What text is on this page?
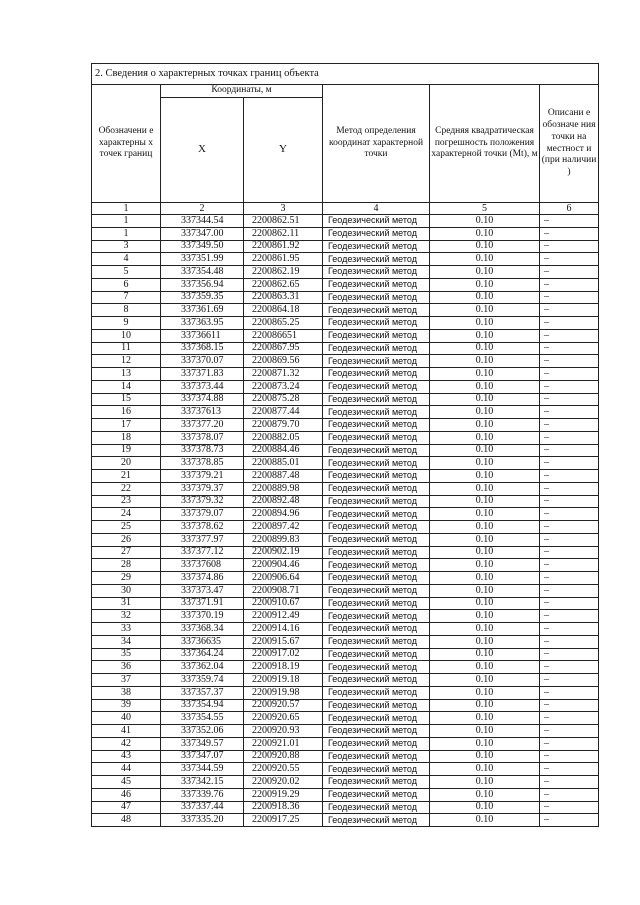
2. Сведения о характерных точках границ объекта					
Обозначени е характерны х точек границ	Координаты, м		Метод определения координат характерной точки	Средняя квадратическая погрешность положения характерной точки (Mt), м	Описани е обозначе ния точки на местност и (при наличии )
	X	Y			
1	2	3	4	5	6
1	337344.54	2200862.51	Геодезический метод	0.10	–
1	337347.00	2200862.11	Геодезический метод	0.10	–
3	337349.50	2200861.92	Геодезический метод	0.10	–
4	337351.99	2200861.95	Геодезический метод	0.10	–
5	337354.48	2200862.19	Геодезический метод	0.10	–
6	337356.94	2200862.65	Геодезический метод	0.10	–
7	337359.35	2200863.31	Геодезический метод	0.10	–
8	337361.69	2200864.18	Геодезический метод	0.10	–
9	337363.95	2200865.25	Геодезический метод	0.10	–
10	33736611	220086651	Геодезический метод	0.10	–
11	337368.15	2200867.95	Геодезический метод	0.10	–
12	337370.07	2200869.56	Геодезический метод	0.10	–
13	337371.83	2200871.32	Геодезический метод	0.10	–
14	337373.44	2200873.24	Геодезический метод	0.10	–
15	337374.88	2200875.28	Геодезический метод	0.10	–
16	33737613	2200877.44	Геодезический метод	0.10	–
17	337377.20	2200879.70	Геодезический метод	0.10	–
18	337378.07	2200882.05	Геодезический метод	0.10	–
19	337378.73	2200884.46	Геодезический метод	0.10	–
20	337378.85	2200885.01	Геодезический метод	0.10	–
21	337379.21	2200887.48	Геодезический метод	0.10	–
22	337379.37	2200889.98	Геодезический метод	0.10	–
23	337379.32	2200892.48	Геодезический метод	0.10	–
24	337379.07	2200894.96	Геодезический метод	0.10	–
25	337378.62	2200897.42	Геодезический метод	0.10	–
26	337377.97	2200899.83	Геодезический метод	0.10	–
27	337377.12	2200902.19	Геодезический метод	0.10	–
28	33737608	2200904.46	Геодезический метод	0.10	–
29	337374.86	2200906.64	Геодезический метод	0.10	–
30	337373.47	2200908.71	Геодезический метод	0.10	–
31	337371.91	2200910.67	Геодезический метод	0.10	–
32	337370.19	2200912.49	Геодезический метод	0.10	–
33	337368.34	2200914.16	Геодезический метод	0.10	–
34	33736635	2200915.67	Геодезический метод	0.10	–
35	337364.24	2200917.02	Геодезический метод	0.10	–
36	337362.04	2200918.19	Геодезический метод	0.10	–
37	337359.74	2200919.18	Геодезический метод	0.10	–
38	337357.37	2200919.98	Геодезический метод	0.10	–
39	337354.94	2200920.57	Геодезический метод	0.10	–
40	337354.55	2200920.65	Геодезический метод	0.10	–
41	337352.06	2200920.93	Геодезический метод	0.10	–
42	337349.57	2200921.01	Геодезический метод	0.10	–
43	337347.07	2200920.88	Геодезический метод	0.10	–
44	337344.59	2200920.55	Геодезический метод	0.10	–
45	337342.15	2200920.02	Геодезический метод	0.10	–
46	337339.76	2200919.29	Геодезический метод	0.10	–
47	337337.44	2200918.36	Геодезический метод	0.10	–
48	337335.20	2200917.25	Геодезический метод	0.10	–
